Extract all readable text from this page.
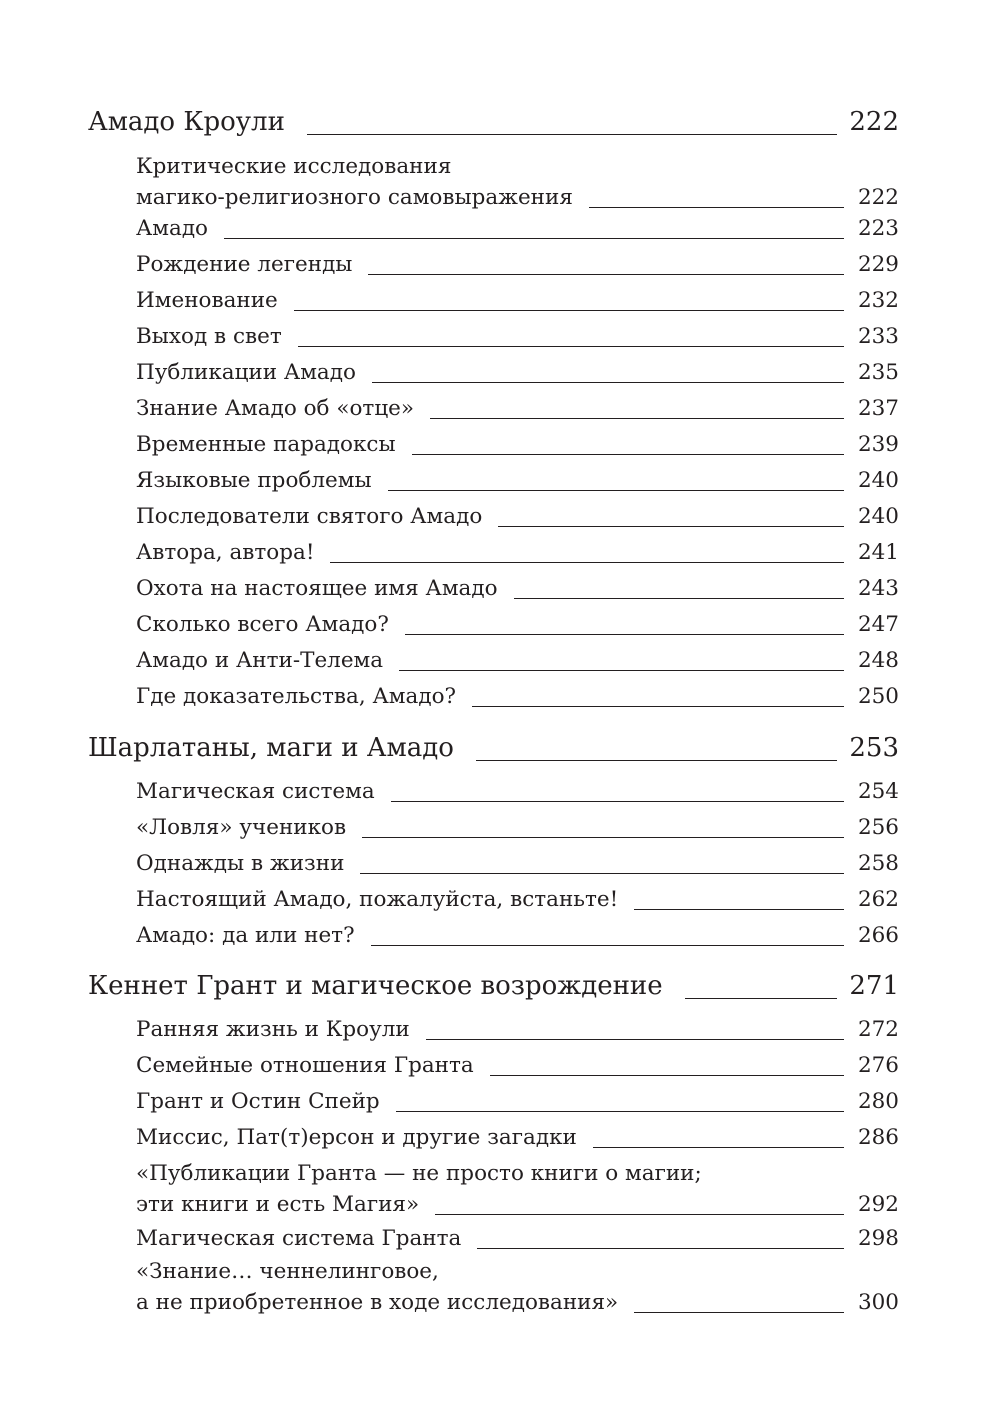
Амадо Кроули	222
Критические исследования
магико-религиозного самовыражения	222
Амадо	223
Рождение легенды	229
Именование	232
Выход в свет	233
Публикации Амадо	235
Знание Амадо об «отце»	237
Временные парадоксы	239
Языковые проблемы	240
Последователи святого Амадо	240
Автора, автора!	241
Охота на настоящее имя Амадо	243
Сколько всего Амадо?	247
Амадо и Анти-Телема	248
Где доказательства, Амадо?	250
Шарлатаны, маги и Амадо	253
Магическая система	254
«Ловля» учеников	256
Однажды в жизни	258
Настоящий Амадо, пожалуйста, встаньте!	262
Амадо: да или нет?	266
Кеннет Грант и магическое возрождение	271
Ранняя жизнь и Кроули	272
Семейные отношения Гранта	276
Грант и Остин Спейр	280
Миссис, Пат(т)ерсон и другие загадки	286
«Публикации Гранта — не просто книги о магии;
эти книги и есть Магия»	292
Магическая система Гранта	298
«Знание… ченнелинговое,
а не приобретенное в ходе исследования»	300
